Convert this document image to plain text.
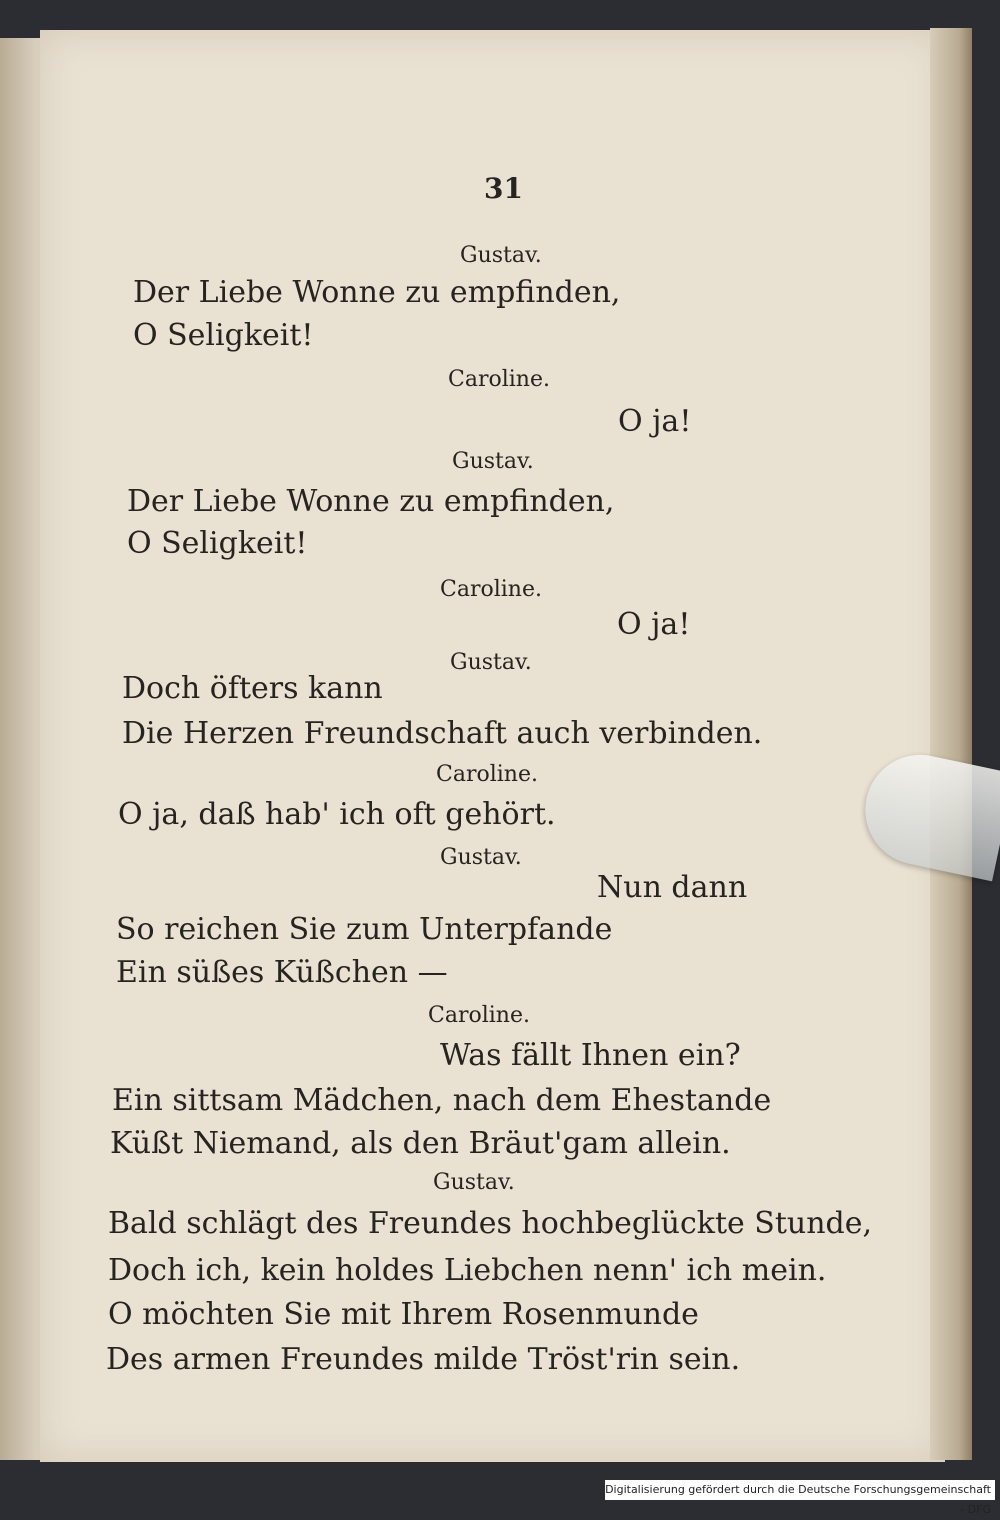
31
Gustav.
Der Liebe Wonne zu empfinden,
O Seligkeit!
Caroline.
O ja!
Gustav.
Der Liebe Wonne zu empfinden,
O Seligkeit!
Caroline.
O ja!
Gustav.
Doch öfters kann
Die Herzen Freundschaft auch verbinden.
Caroline.
O ja, daß hab' ich oft gehört.
Gustav.
Nun dann
So reichen Sie zum Unterpfande
Ein süßes Küßchen —
Caroline.
Was fällt Ihnen ein?
Ein sittsam Mädchen, nach dem Ehestande
Küßt Niemand, als den Bräut'gam allein.
Gustav.
Bald schlägt des Freundes hochbeglückte Stunde,
Doch ich, kein holdes Liebchen nenn' ich mein.
O möchten Sie mit Ihrem Rosenmunde
Des armen Freundes milde Tröst'rin sein.
Digitalisierung gefördert durch die Deutsche Forschungsgemeinschaft - DFG
